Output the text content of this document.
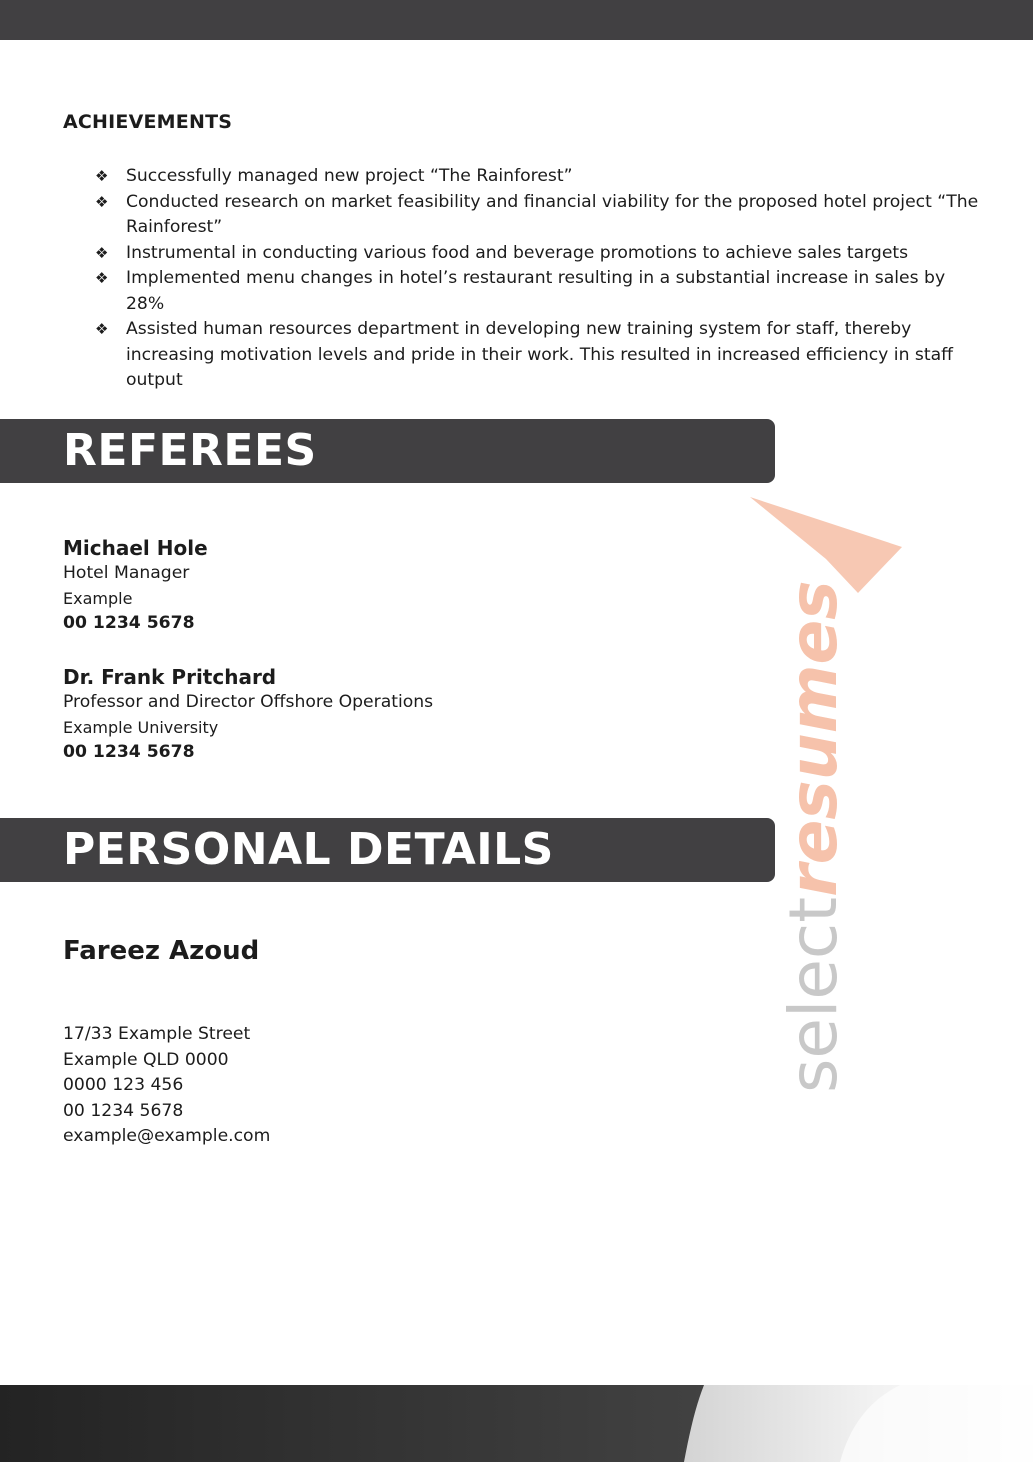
ACHIEVEMENTS
❖ Successfully managed new project “The Rainforest”
❖ Conducted research on market feasibility and financial viability for the proposed hotel project “The Rainforest”
❖ Instrumental in conducting various food and beverage promotions to achieve sales targets
❖ Implemented menu changes in hotel’s restaurant resulting in a substantial increase in sales by 28%
❖ Assisted human resources department in developing new training system for staff, thereby increasing motivation levels and pride in their work. This resulted in increased efficiency in staff output
REFEREES
Michael Hole
Hotel Manager
Example
00 1234 5678
Dr. Frank Pritchard
Professor and Director Offshore Operations
Example University
00 1234 5678
PERSONAL DETAILS
Fareez Azoud
17/33 Example Street
Example QLD 0000
0000 123 456
00 1234 5678
example@example.com
selectresumes
